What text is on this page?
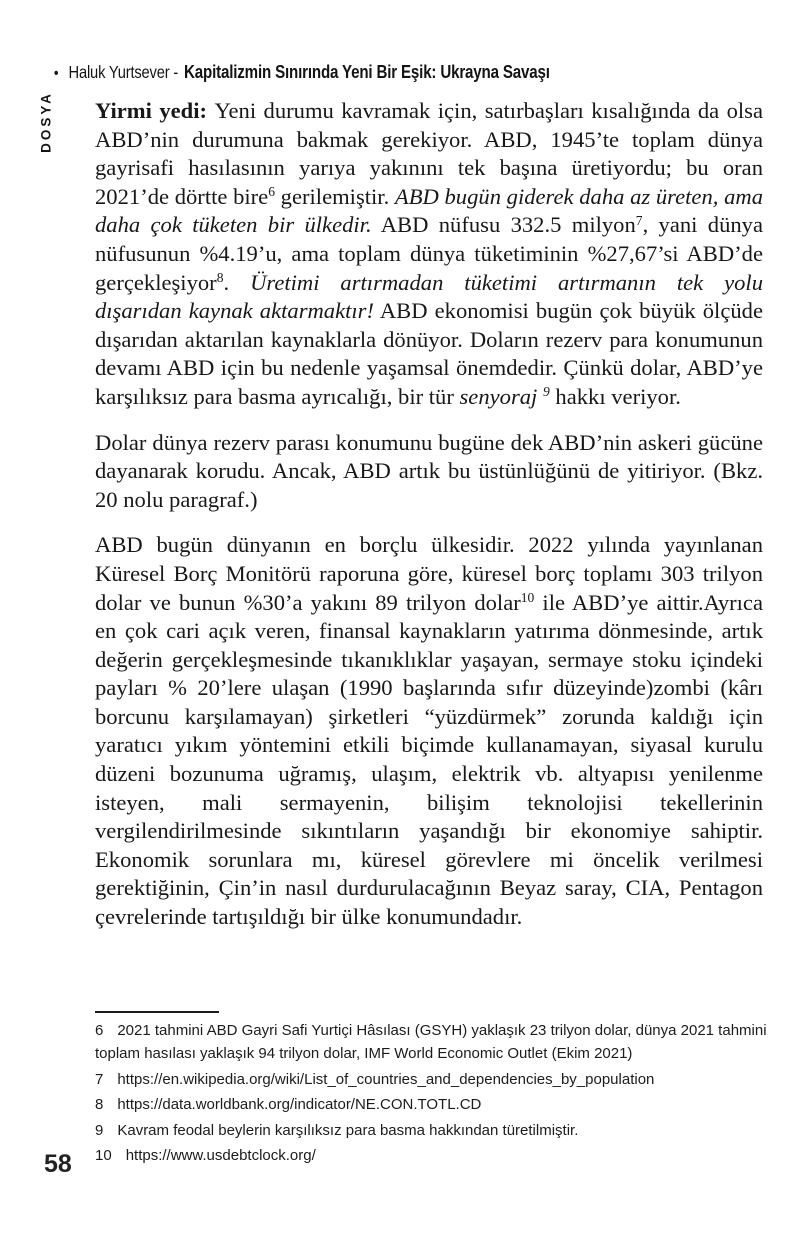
• Haluk Yurtsever - Kapitalizmin Sınırında Yeni Bir Eşik: Ukrayna Savaşı
DOSYA Yirmi yedi: Yeni durumu kavramak için, satırbaşları kısalığında da olsa ABD’nin durumuna bakmak gerekiyor. ABD, 1945’te toplam dünya gayrisafi hasılasının yarıya yakınını tek başına üretiyordu; bu oran 2021’de dörtte bire$^6$ gerilemiştir. ABD bugün giderek daha az üreten, ama daha çok tüketen bir ülkedir. ABD nüfusu 332.5 milyon$^7$, yani dünya nüfusunun %4.19’u, ama toplam dünya tüketiminin %27,67’si ABD’de gerçekleşiyor$^8$. Üretimi artırmadan tüketimi artırmanın tek yolu dışarıdan kaynak aktarmaktır! ABD ekonomisi bugün çok büyük ölçüde dışarıdan aktarılan kaynaklarla dönüyor. Doların rezerv para konumunun devamı ABD için bu nedenle yaşamsal önemdedir. Çünkü dolar, ABD’ye karşılıksız para basma ayrıcalığı, bir tür senyoraj $^9$ hakkı veriyor.

Dolar dünya rezerv parası konumunu bugüne dek ABD’nin askeri gücüne dayanarak korudu. Ancak, ABD artık bu üstünlüğünü de yitiriyor. (Bkz. 20 nolu paragraf.)

ABD bugün dünyanın en borçlu ülkesidir. 2022 yılında yayınlanan Küresel Borç Monitörü raporuna göre, küresel borç toplamı 303 trilyon dolar ve bunun %30’a yakını 89 trilyon dolar$^{10}$ ile ABD’ye aittir.Ayrıca en çok cari açık veren, finansal kaynakların yatırıma dönmesinde, artık değerin gerçekleşmesinde tıkanıklıklar yaşayan, sermaye stoku içindeki payları % 20’lere ulaşan (1990 başlarında sıfır düzeyinde)zombi (kârı borcunu karşılamayan) şirketleri “yüzdürmek” zorunda kaldığı için yaratıcı yıkım yöntemini etkili biçimde kullanamayan, siyasal kurulu düzeni bozunuma uğramış, ulaşım, elektrik vb. altyapısı yenilenme isteyen, mali sermayenin, bilişim teknolojisi tekellerinin vergilendirilmesinde sıkıntıların yaşandığı bir ekonomiye sahiptir. Ekonomik sorunlara mı, küresel görevlere mi öncelik verilmesi gerektiğinin, Çin’in nasıl durdurulacağının Beyaz saray, CIA, Pentagon çevrelerinde tartışıldığı bir ülke konumundadır.

6 2021 tahmini ABD Gayri Safi Yurtiçi Hâsılası (GSYH) yaklaşık 23 trilyon dolar, dünya 2021 tahmini toplam hasılası yaklaşık 94 trilyon dolar, IMF World Economic Outlet (Ekim 2021)
7 https://en.wikipedia.org/wiki/List_of_countries_and_dependencies_by_population
8 https://data.worldbank.org/indicator/NE.CON.TOTL.CD
9 Kavram feodal beylerin karşılıksız para basma hakkından türetilmiştir.
10 https://www.usdebtclock.org/
58
